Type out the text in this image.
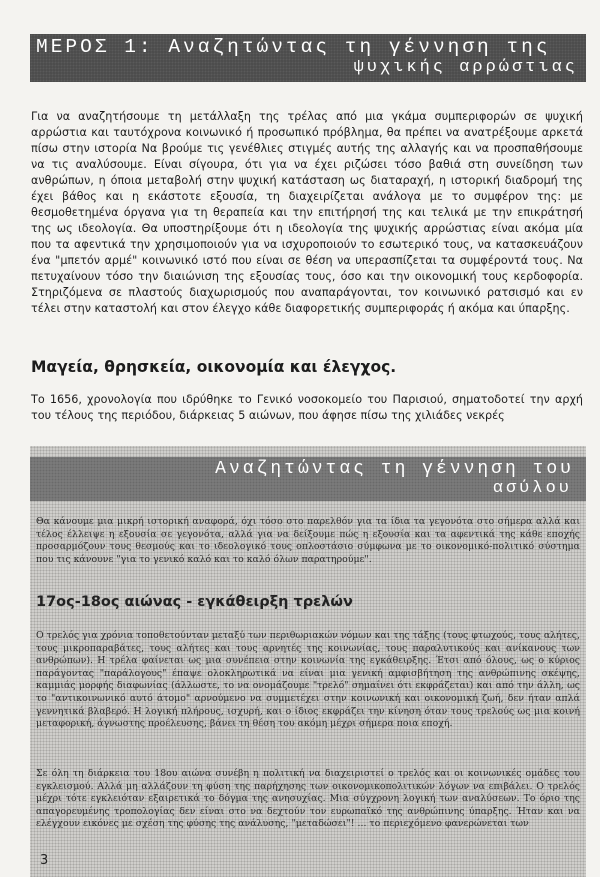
ΜΕΡΟΣ 1: Αναζητώντας τη γέννηση της
ψυχικής αρρώστιας

Για να αναζητήσουμε τη μετάλλαξη της τρέλας από μια γκάμα συμπεριφορών σε ψυχική αρρώστια και ταυτόχρονα κοινωνικό ή προσωπικό πρόβλημα, θα πρέπει να ανατρέξουμε αρκετά πίσω στην ιστορία Να βρούμε τις γενέθλιες στιγμές αυτής της αλλαγής και να προσπαθήσουμε να τις αναλύσουμε. Είναι σίγουρα, ότι για να έχει ριζώσει τόσο βαθιά στη συνείδηση των ανθρώπων, η όποια μεταβολή στην ψυχική κατάσταση ως διαταραχή, η ιστορική διαδρομή της έχει βάθος και η εκάστοτε εξουσία, τη διαχειρίζεται ανάλογα με το συμφέρον της: με θεσμοθετημένα όργανα για τη θεραπεία και την επιτήρησή της και τελικά με την επικράτησή της ως ιδεολογία. Θα υποστηρίξουμε ότι η ιδεολογία της ψυχικής αρρώστιας είναι ακόμα μία που τα αφεντικά την χρησιμοποιούν για να ισχυροποιούν το εσωτερικό τους, να κατασκευάζουν ένα "μπετόν αρμέ" κοινωνικό ιστό που είναι σε θέση να υπερασπίζεται τα συμφέροντά τους. Να πετυχαίνουν τόσο την διαιώνιση της εξουσίας τους, όσο και την οικονομική τους κερδοφορία. Στηριζόμενα σε πλαστούς διαχωρισμούς που αναπαράγονται, τον κοινωνικό ρατσισμό και εν τέλει στην καταστολή και στον έλεγχο κάθε διαφορετικής συμπεριφοράς ή ακόμα και ύπαρξης.

Μαγεία, θρησκεία, οικονομία και έλεγχος.

Το 1656, χρονολογία που ιδρύθηκε το Γενικό νοσοκομείο του Παρισιού, σηματοδοτεί την αρχή του τέλους της περιόδου, διάρκειας 5 αιώνων, που άφησε πίσω της χιλιάδες νεκρές

Αναζητώντας τη γέννηση του
ασύλου

Θα κάνουμε μια μικρή ιστορική αναφορά, όχι τόσο στο παρελθόν για τα ίδια τα γεγονότα στο σήμερα αλλά και τέλος έλλειψε η εξουσία σε γεγονότα, αλλά για να δείξουμε πώς η εξουσία και τα αφεντικά της κάθε εποχής προσαρμόζουν τους θεσμούς και το ιδεολογικό τους οπλοστάσιο σύμφωνα με το οικονομικό-πολιτικό σύστημα που τις κάνουνε "για το γενικό καλό και το καλό όλων παρατηρούμε".

17ος-18ος αιώνας - εγκάθειρξη τρελών

Ο τρελός για χρόνια τοποθετούνταν μεταξύ των περιθωριακών νόμων και της τάξης (τους φτωχούς, τους αλήτες, τους μικροπαραβάτες, τους αλήτες και τους αρνητές της κοινωνίας, τους παραλυτικούς και ανίκανους των ανθρώπων). Η τρέλα φαίνεται ως μια συνέπεια στην κοινωνία της εγκάθειρξης. Έτσι από όλους, ως ο κύριος παράγοντας "παράλογους" έπαψε ολοκληρωτικά να είναι μια γενική αμφισβήτηση της ανθρώπινης σκέψης, καμμιάς μορφής διαφωνίας (άλλωστε, το να ονομάζουμε "τρελό" σημαίνει ότι εκφράζεται) και από την άλλη, ως το "αντικοινωνικό αυτό άτομο" αρνούμενο να συμμετέχει στην κοινωνική και οικονομική ζωή, δεν ήταν απλά γεννητικά βλαβερό. Η λογική πλήρους, ισχυρή, και ο ίδιος εκφράζει την κίνηση όταν τους τρελούς ως μια κοινή μεταφορική, άγνωστης προέλευσης, βάνει τη θέση του ακόμη μέχρι σήμερα ποια εποχή.

Σε όλη τη διάρκεια του 18ου αιώνα συνέβη η πολιτική να διαχειριστεί ο τρελός και οι κοινωνικές ομάδες του εγκλεισμού. Αλλά μη αλλάζουν τη φύση της παρήχησης των οικονομικοπολιτικών λόγων να επιβάλει. Ο τρελός μέχρι τότε εγκλειόταν εξαιρετικά το δόγμα της ανησυχίας. Μια σύγχρονη λογική των αναλύσεων. Το όριο της απαγορευμένης τροπολογίας δεν είναι στο να δεχτούν τον ευρωπαϊκό της ανθρώπινης ύπαρξης. Ήταν και να ελέγχουν εικόνες με σχέση της φύσης της ανάλυσης, "μεταδώσει"! ... το περιεχόμενο φανερώνεται των

3
